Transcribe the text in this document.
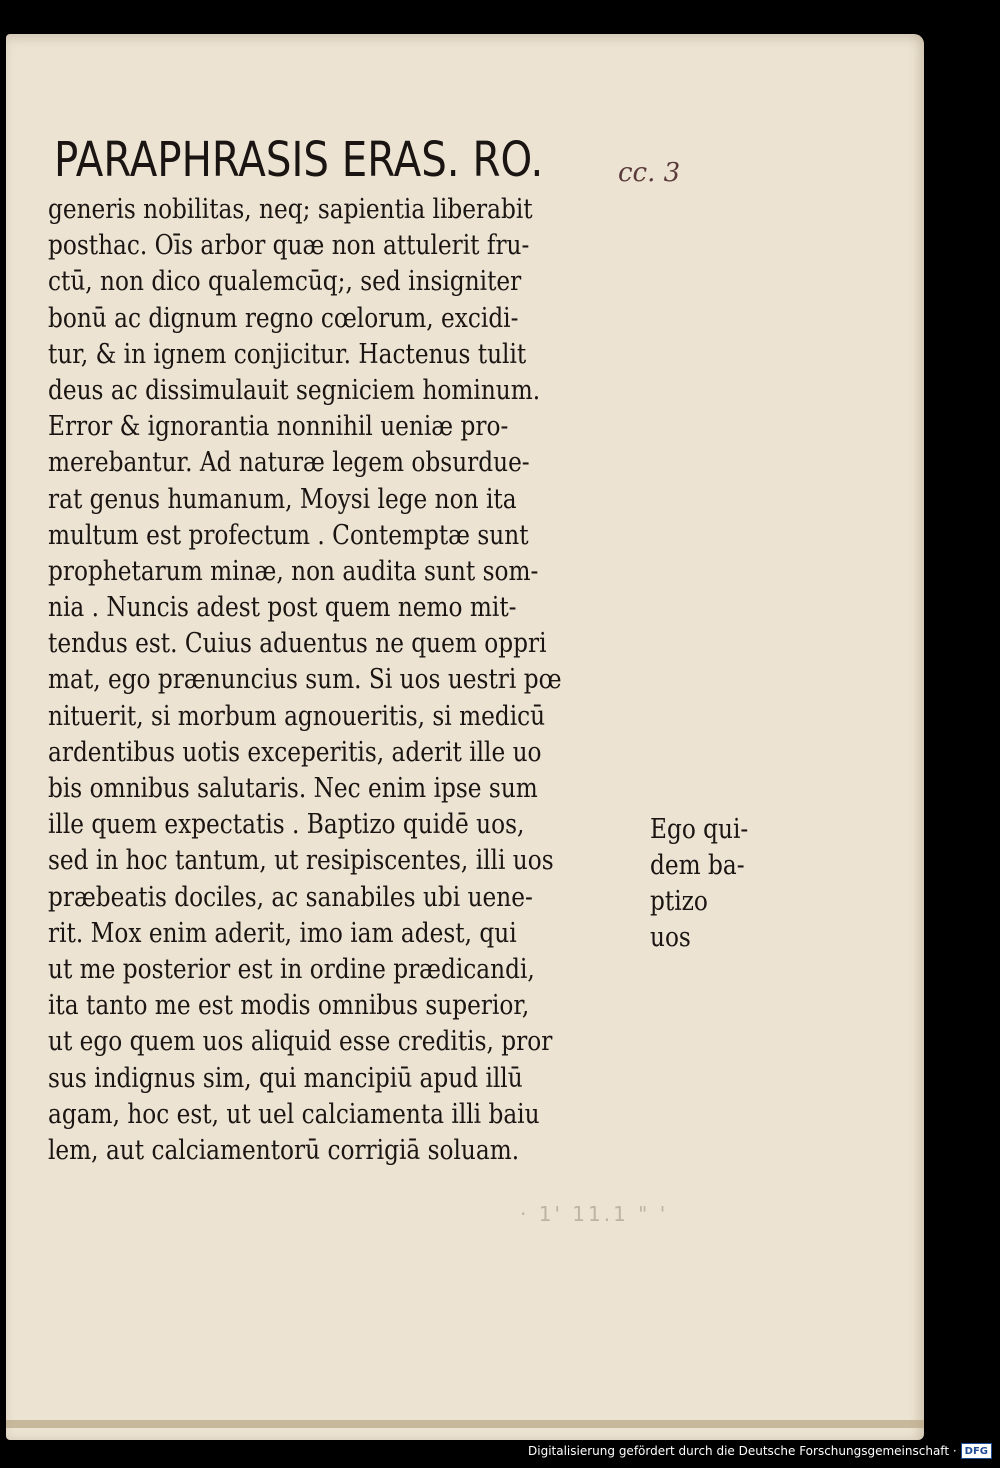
PARAPHRASIS ERAS. RO.	cc. 3
generis nobilitas, neq; sapientia liberabit
posthac. Oīs arbor quæ non attulerit fru-
ctū, non dico qualemcūq;, sed insigniter
bonū ac dignum regno cœlorum, excidi-
tur, & in ignem conjicitur. Hactenus tulit
deus ac dissimulauit segniciem hominum.
Error & ignorantia nonnihil ueniæ pro-
merebantur. Ad naturæ legem obsurdue-
rat genus humanum, Moysi lege non ita
multum est profectum . Contemptæ sunt
prophetarum minæ, non audita sunt som-
nia . Nuncis adest post quem nemo mit-
tendus est. Cuius aduentus ne quem oppri
mat, ego prænuncius sum. Si uos uestri pœ
nituerit, si morbum agnoueritis, si medicū
ardentibus uotis exceperitis, aderit ille uo
bis omnibus salutaris. Nec enim ipse sum
ille quem expectatis . Baptizo quidē uos,
sed in hoc tantum, ut resipiscentes, illi uos
præbeatis dociles, ac sanabiles ubi uene-
rit. Mox enim aderit, imo iam adest, qui
ut me posterior est in ordine prædicandi,
ita tanto me est modis omnibus superior,
ut ego quem uos aliquid esse creditis, pror
sus indignus sim, qui mancipiū apud illū
agam, hoc est, ut uel calciamenta illi baiu
lem, aut calciamentorū corrigiā soluam.
Ego qui-
dem ba-
ptizo
uos
· 1' 11.1 " '
Digitalisierung gefördert durch die Deutsche Forschungsgemeinschaft · DFG
